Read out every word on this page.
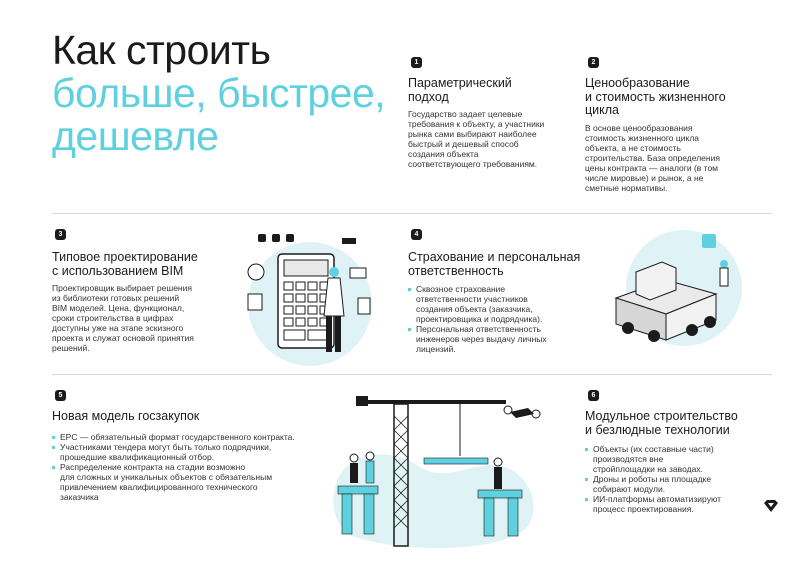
Как строить
больше, быстрее,
дешевле
1
Параметрический
подход
Государство задает целевые
требования к объекту, а участники
рынка сами выбирают наиболее
быстрый и дешевый способ
создания объекта
соответствующего требованиям.
2
Ценообразование
и стоимость жизненного
цикла
В основе ценообразования
стоимость жизненного цикла
объекта, а не стоимость
строительства. База определения
цены контракта — аналоги (в том
числе мировые) и рынок, а не
сметные нормативы.
3
Типовое проектирование
с использованием BIM
Проектировщик выбирает решения
из библиотеки готовых решений
BIM моделей. Цена, функционал,
сроки строительства в цифрах
доступны уже на этапе эскизного
проекта и служат основой принятия
решений.
4
Страхование и персональная
ответственность
Сквозное страхование
ответственности участников
создания объекта (заказчика,
проектировщика и подрядчика).
Персональная ответственность
инженеров через выдачу личных
лицензий.
5
Новая модель госзакупок
EPC — обязательный формат государственного контракта.
Участниками тендера могут быть только подрядчики,
прошедшие квалификационный отбор.
Распределение контракта на стадии возможно
для сложных и уникальных объектов с обязательным
привлечением квалифицированного технического
заказчика
6
Модульное строительство
и безлюдные технологии
Объекты (их составные части)
производятся вне
стройплощадки на заводах.
Дроны и роботы на площадке
собирают модули.
ИИ-платформы автоматизируют
процесс проектирования.
